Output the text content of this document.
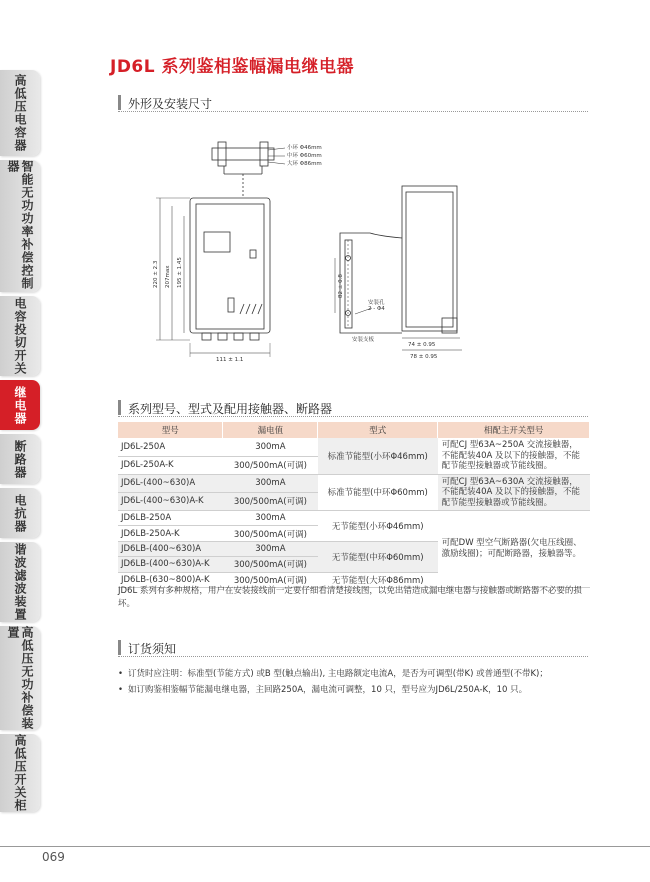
高低压电容器
智能无功功率补偿控制器
电容投切开关
继电器
断路器
电抗器
谐波滤波装置
高低压无功补偿装置
高低压开关柜
JD6L 系列鉴相鉴幅漏电继电器
外形及安装尺寸
小环 Φ46mm
中环 Φ60mm
大环 Φ86mm
220 ± 2.3 207max 195 ± 1.45
111 ± 1.1
82 ± 0.8
74 ± 0.95
78 ± 0.95
安装孔
2 - Φ4
安装支板
系列型号、型式及配用接触器、断路器
型号	漏电值	型式	相配主开关型号
JD6L-250A	300mA	标准节能型(小环Φ46mm)	可配CJ 型63A~250A 交流接触器，不能配装40A 及以下的接触器，不能配节能型接触器或节能线圈。
JD6L-250A-K	300/500mA(可调)		
JD6L-(400~630)A	300mA	标准节能型(中环Φ60mm)	可配CJ 型63A~630A 交流接触器，不能配装40A 及以下的接触器，不能配节能型接触器或节能线圈。
JD6L-(400~630)A-K	300/500mA(可调)		
JD6LB-250A	300mA	无节能型(小环Φ46mm)	可配DW 型空气断路器(欠电压线圈、激励线圈)；可配断路器，接触器等。
JD6LB-250A-K	300/500mA(可调)		
JD6LB-(400~630)A	300mA	无节能型(中环Φ60mm)	
JD6LB-(400~630)A-K	300/500mA(可调)		
JD6LB-(630~800)A-K	300/500mA(可调)	无节能型(大环Φ86mm)	
JD6L 系列有多种规格，用户在安装接线前一定要仔细看清楚接线图，以免出错造成漏电继电器与接触器或断路器不必要的损坏。
订货须知
• 订货时应注明：标准型(节能方式) 或B 型(触点输出), 主电路额定电流A，是否为可调型(带K) 或普通型(不带K)；
• 如订购鉴相鉴幅节能漏电继电器，主回路250A，漏电流可调整，10 只，型号应为JD6L/250A-K，10 只。
069
